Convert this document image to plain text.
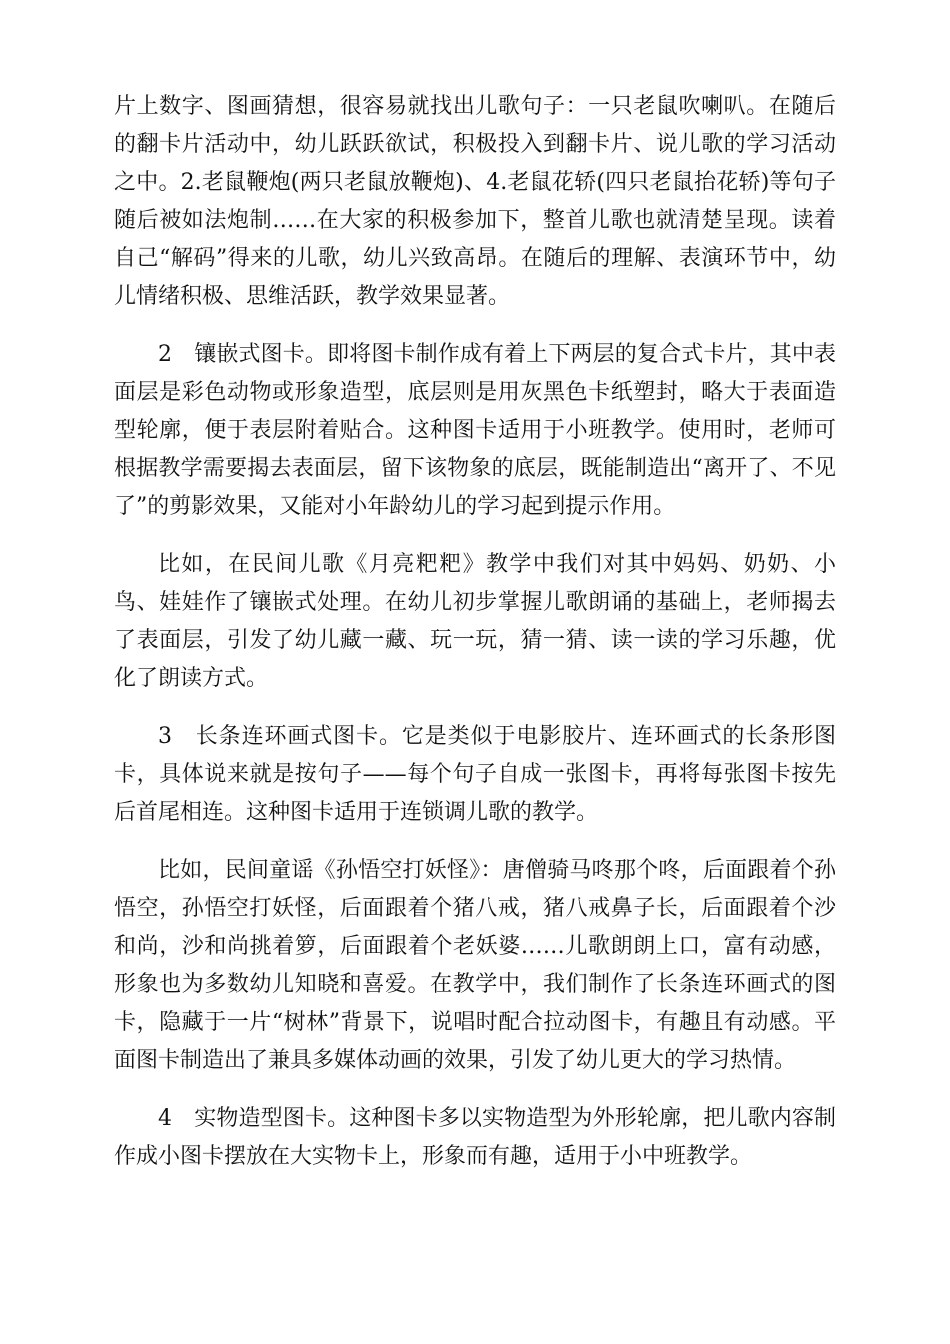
片上数字、图画猜想，很容易就找出儿歌句子：一只老鼠吹喇叭。在随后的翻卡片活动中，幼儿跃跃欲试，积极投入到翻卡片、说儿歌的学习活动之中。2.老鼠鞭炮(两只老鼠放鞭炮)、4.老鼠花轿(四只老鼠抬花轿)等句子随后被如法炮制……在大家的积极参加下，整首儿歌也就清楚呈现。读着自己“解码”得来的儿歌，幼儿兴致高昂。在随后的理解、表演环节中，幼儿情绪积极、思维活跃，教学效果显著。

2　镶嵌式图卡。即将图卡制作成有着上下两层的复合式卡片，其中表面层是彩色动物或形象造型，底层则是用灰黑色卡纸塑封，略大于表面造型轮廓，便于表层附着贴合。这种图卡适用于小班教学。使用时，老师可根据教学需要揭去表面层，留下该物象的底层，既能制造出“离开了、不见了”的剪影效果，又能对小年龄幼儿的学习起到提示作用。

比如，在民间儿歌《月亮粑粑》教学中我们对其中妈妈、奶奶、小鸟、娃娃作了镶嵌式处理。在幼儿初步掌握儿歌朗诵的基础上，老师揭去了表面层，引发了幼儿藏一藏、玩一玩，猜一猜、读一读的学习乐趣，优化了朗读方式。

3　长条连环画式图卡。它是类似于电影胶片、连环画式的长条形图卡，具体说来就是按句子——每个句子自成一张图卡，再将每张图卡按先后首尾相连。这种图卡适用于连锁调儿歌的教学。

比如，民间童谣《孙悟空打妖怪》：唐僧骑马咚那个咚，后面跟着个孙悟空，孙悟空打妖怪，后面跟着个猪八戒，猪八戒鼻子长，后面跟着个沙和尚，沙和尚挑着箩，后面跟着个老妖婆……儿歌朗朗上口，富有动感，形象也为多数幼儿知晓和喜爱。在教学中，我们制作了长条连环画式的图卡，隐藏于一片“树林”背景下，说唱时配合拉动图卡，有趣且有动感。平面图卡制造出了兼具多媒体动画的效果，引发了幼儿更大的学习热情。

4　实物造型图卡。这种图卡多以实物造型为外形轮廓，把儿歌内容制作成小图卡摆放在大实物卡上，形象而有趣，适用于小中班教学。
